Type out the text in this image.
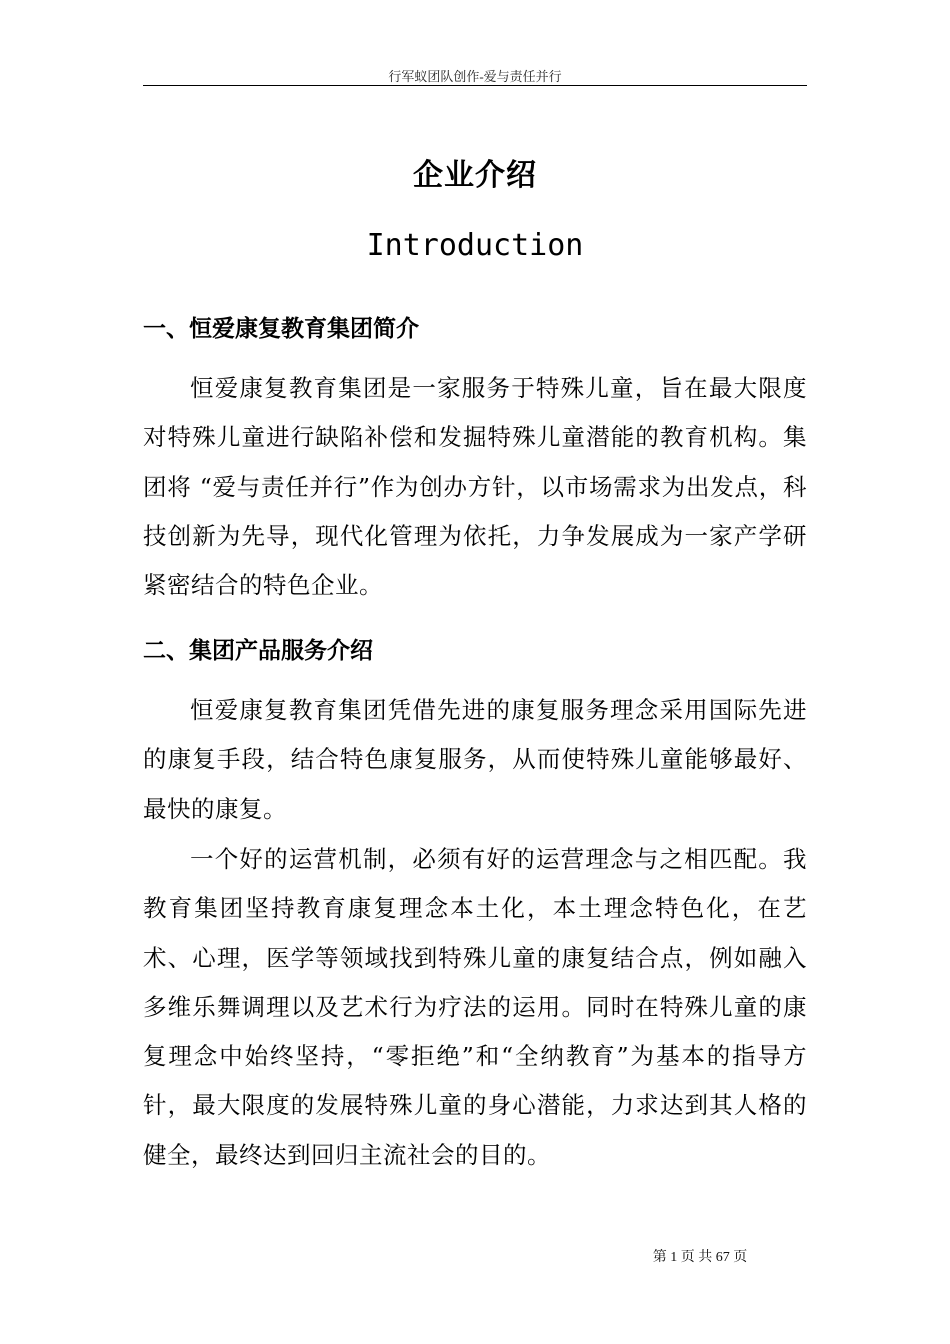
行军蚁团队创作-爱与责任并行
企业介绍
Introduction
一、恒爱康复教育集团简介

恒爱康复教育集团是一家服务于特殊儿童，旨在最大限度对特殊儿童进行缺陷补偿和发掘特殊儿童潜能的教育机构。集团将 “爱与责任并行”作为创办方针，以市场需求为出发点，科技创新为先导，现代化管理为依托，力争发展成为一家产学研紧密结合的特色企业。

二、集团产品服务介绍

恒爱康复教育集团凭借先进的康复服务理念采用国际先进的康复手段，结合特色康复服务，从而使特殊儿童能够最好、最快的康复。

一个好的运营机制，必须有好的运营理念与之相匹配。我教育集团坚持教育康复理念本土化，本土理念特色化，在艺术、心理，医学等领域找到特殊儿童的康复结合点，例如融入多维乐舞调理以及艺术行为疗法的运用。同时在特殊儿童的康复理念中始终坚持，“零拒绝”和“全纳教育”为基本的指导方针，最大限度的发展特殊儿童的身心潜能，力求达到其人格的健全，最终达到回归主流社会的目的。

第 1 页 共 67 页
